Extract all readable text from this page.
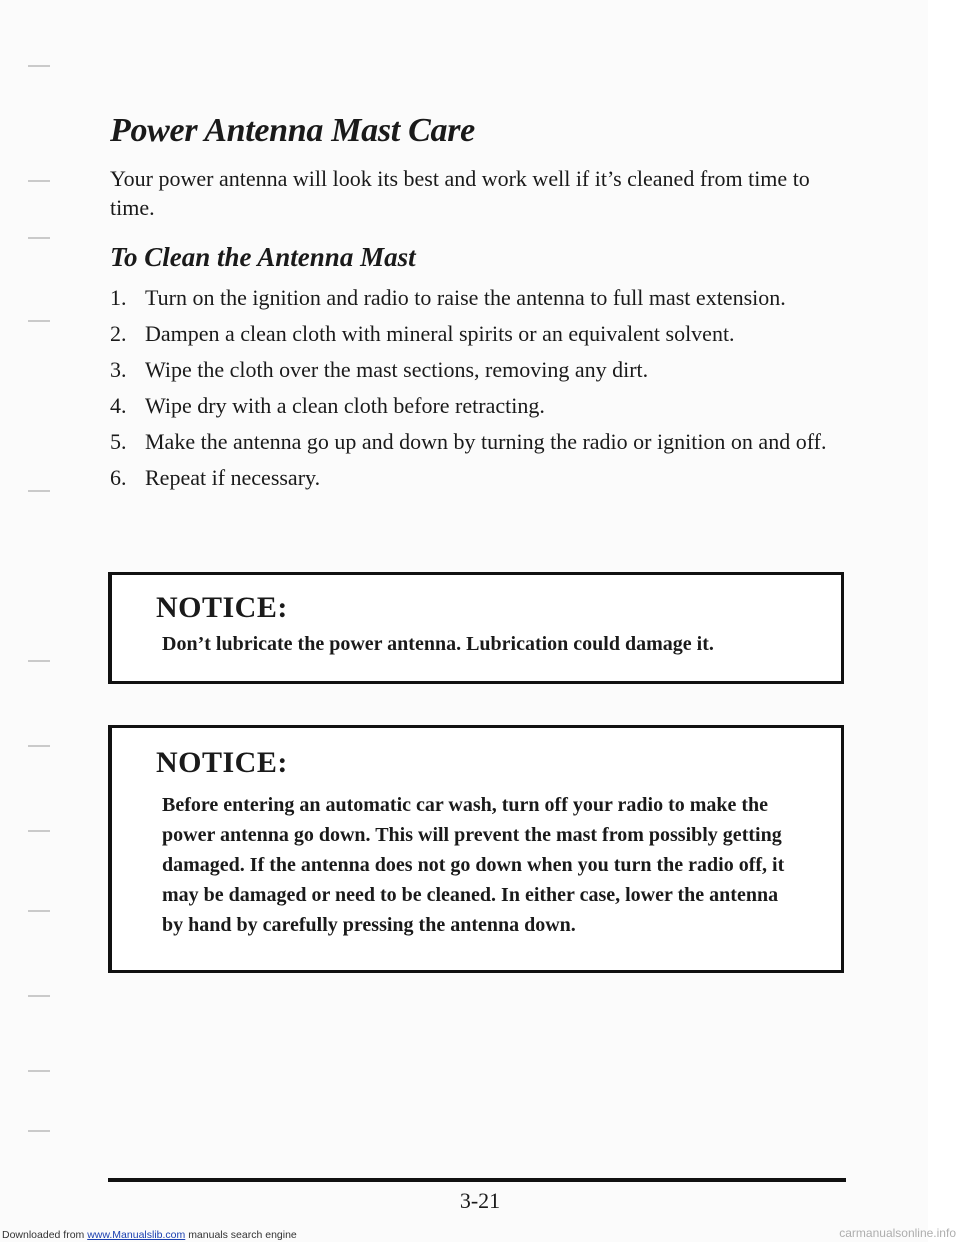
Power Antenna Mast Care

Your power antenna will look its best and work well if it’s cleaned from time to time.

To Clean the Antenna Mast
1. Turn on the ignition and radio to raise the antenna to full mast extension.
2. Dampen a clean cloth with mineral spirits or an equivalent solvent.
3. Wipe the cloth over the mast sections, removing any dirt.
4. Wipe dry with a clean cloth before retracting.
5. Make the antenna go up and down by turning the radio or ignition on and off.
6. Repeat if necessary.

NOTICE:

Don’t lubricate the power antenna. Lubrication could damage it.

NOTICE:

Before entering an automatic car wash, turn off your radio to make the power antenna go down. This will prevent the mast from possibly getting damaged. If the antenna does not go down when you turn the radio off, it may be damaged or need to be cleaned. In either case, lower the antenna by hand by carefully pressing the antenna down.

3-21
Downloaded from www.Manualslib.com manuals search engine	carmanualsonline.info
